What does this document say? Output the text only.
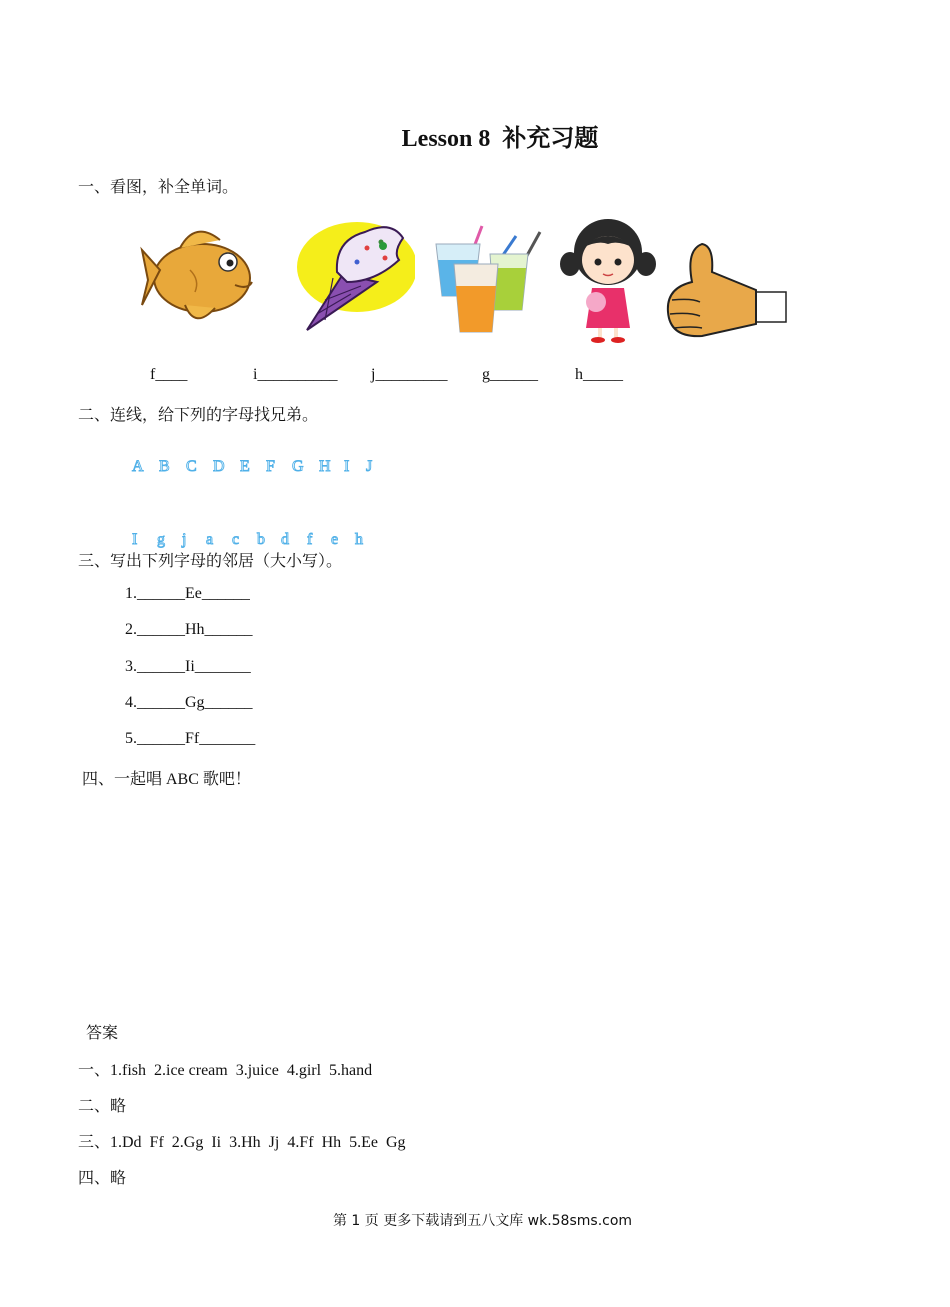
Lesson 8  补充习题
一、看图，补全单词。
f____	i__________ j_________ g______ h_____
二、连线，给下列的字母找兄弟。

A B C D E F G H I J

I g j a c b d f e h

三、写出下列字母的邻居（大小写）。
1.______Ee______
2.______Hh______
3.______Ii_______
4.______Gg______
5.______Ff_______
四、一起唱 ABC 歌吧！
答案
一、1.fish  2.ice cream  3.juice  4.girl  5.hand
二、略
三、1.Dd  Ff  2.Gg  Ii  3.Hh  Jj  4.Ff  Hh  5.Ee  Gg
四、略
第 1 页 更多下载请到五八文库 wk.58sms.com
